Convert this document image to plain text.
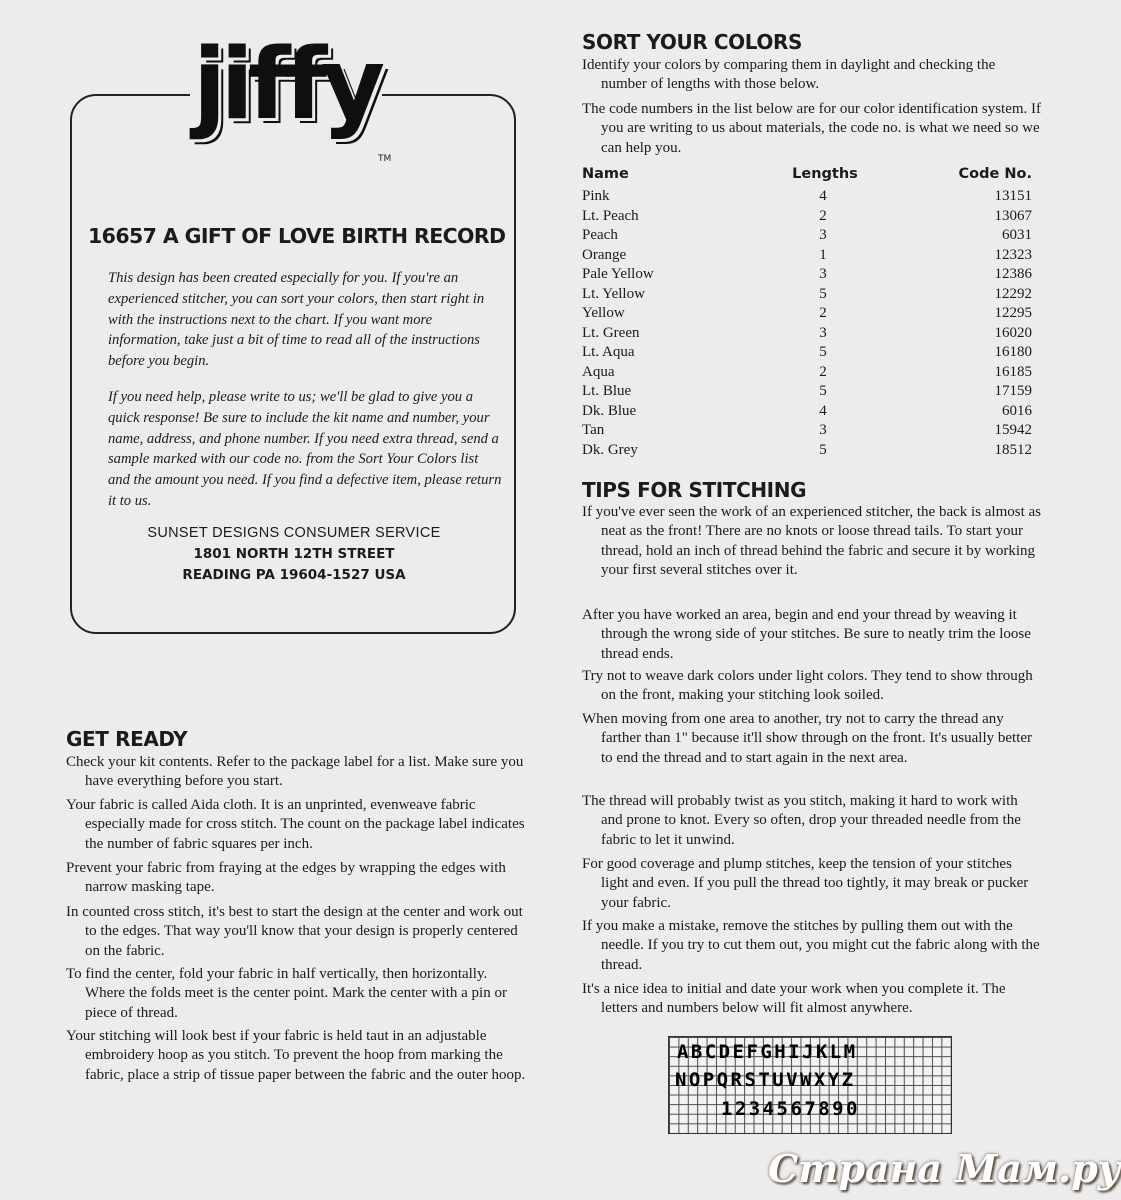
jiffy
TM
16657 A GIFT OF LOVE BIRTH RECORD
This design has been created especially for you. If you're an experienced stitcher, you can sort your colors, then start right in with the instructions next to the chart. If you want more information, take just a bit of time to read all of the instructions before you begin.
If you need help, please write to us; we'll be glad to give you a quick response! Be sure to include the kit name and number, your name, address, and phone number. If you need extra thread, send a sample marked with our code no. from the Sort Your Colors list and the amount you need. If you find a defective item, please return it to us.
SUNSET DESIGNS CONSUMER SERVICE
1801 NORTH 12TH STREET
READING PA 19604-1527 USA
SORT YOUR COLORS
Identify your colors by comparing them in daylight and checking the number of lengths with those below.
The code numbers in the list below are for our color identification system. If you are writing to us about materials, the code no. is what we need so we can help you.
Name	Lengths	Code No.
Pink	4	13151
Lt. Peach	2	13067
Peach	3	6031
Orange	1	12323
Pale Yellow	3	12386
Lt. Yellow	5	12292
Yellow	2	12295
Lt. Green	3	16020
Lt. Aqua	5	16180
Aqua	2	16185
Lt. Blue	5	17159
Dk. Blue	4	6016
Tan	3	15942
Dk. Grey	5	18512
TIPS FOR STITCHING
If you've ever seen the work of an experienced stitcher, the back is almost as neat as the front! There are no knots or loose thread tails. To start your thread, hold an inch of thread behind the fabric and secure it by working your first several stitches over it.
After you have worked an area, begin and end your thread by weaving it through the wrong side of your stitches. Be sure to neatly trim the loose thread ends.
Try not to weave dark colors under light colors. They tend to show through on the front, making your stitching look soiled.
When moving from one area to another, try not to carry the thread any farther than 1" because it'll show through on the front. It's usually better to end the thread and to start again in the next area.
The thread will probably twist as you stitch, making it hard to work with and prone to knot. Every so often, drop your threaded needle from the fabric to let it unwind.
For good coverage and plump stitches, keep the tension of your stitches light and even. If you pull the thread too tightly, it may break or pucker your fabric.
If you make a mistake, remove the stitches by pulling them out with the needle. If you try to cut them out, you might cut the fabric along with the thread.
It's a nice idea to initial and date your work when you complete it. The letters and numbers below will fit almost anywhere.
GET READY
Check your kit contents. Refer to the package label for a list. Make sure you have everything before you start.
Your fabric is called Aida cloth. It is an unprinted, evenweave fabric especially made for cross stitch. The count on the package label indicates the number of fabric squares per inch.
Prevent your fabric from fraying at the edges by wrapping the edges with narrow masking tape.
In counted cross stitch, it's best to start the design at the center and work out to the edges. That way you'll know that your design is properly centered on the fabric.
To find the center, fold your fabric in half vertically, then horizontally. Where the folds meet is the center point. Mark the center with a pin or piece of thread.
Your stitching will look best if your fabric is held taut in an adjustable embroidery hoop as you stitch. To prevent the hoop from marking the fabric, place a strip of tissue paper between the fabric and the outer hoop.
ABCDEFGHIJKLM
NOPQRSTUVWXYZ
1234567890
Страна Мам.ру
